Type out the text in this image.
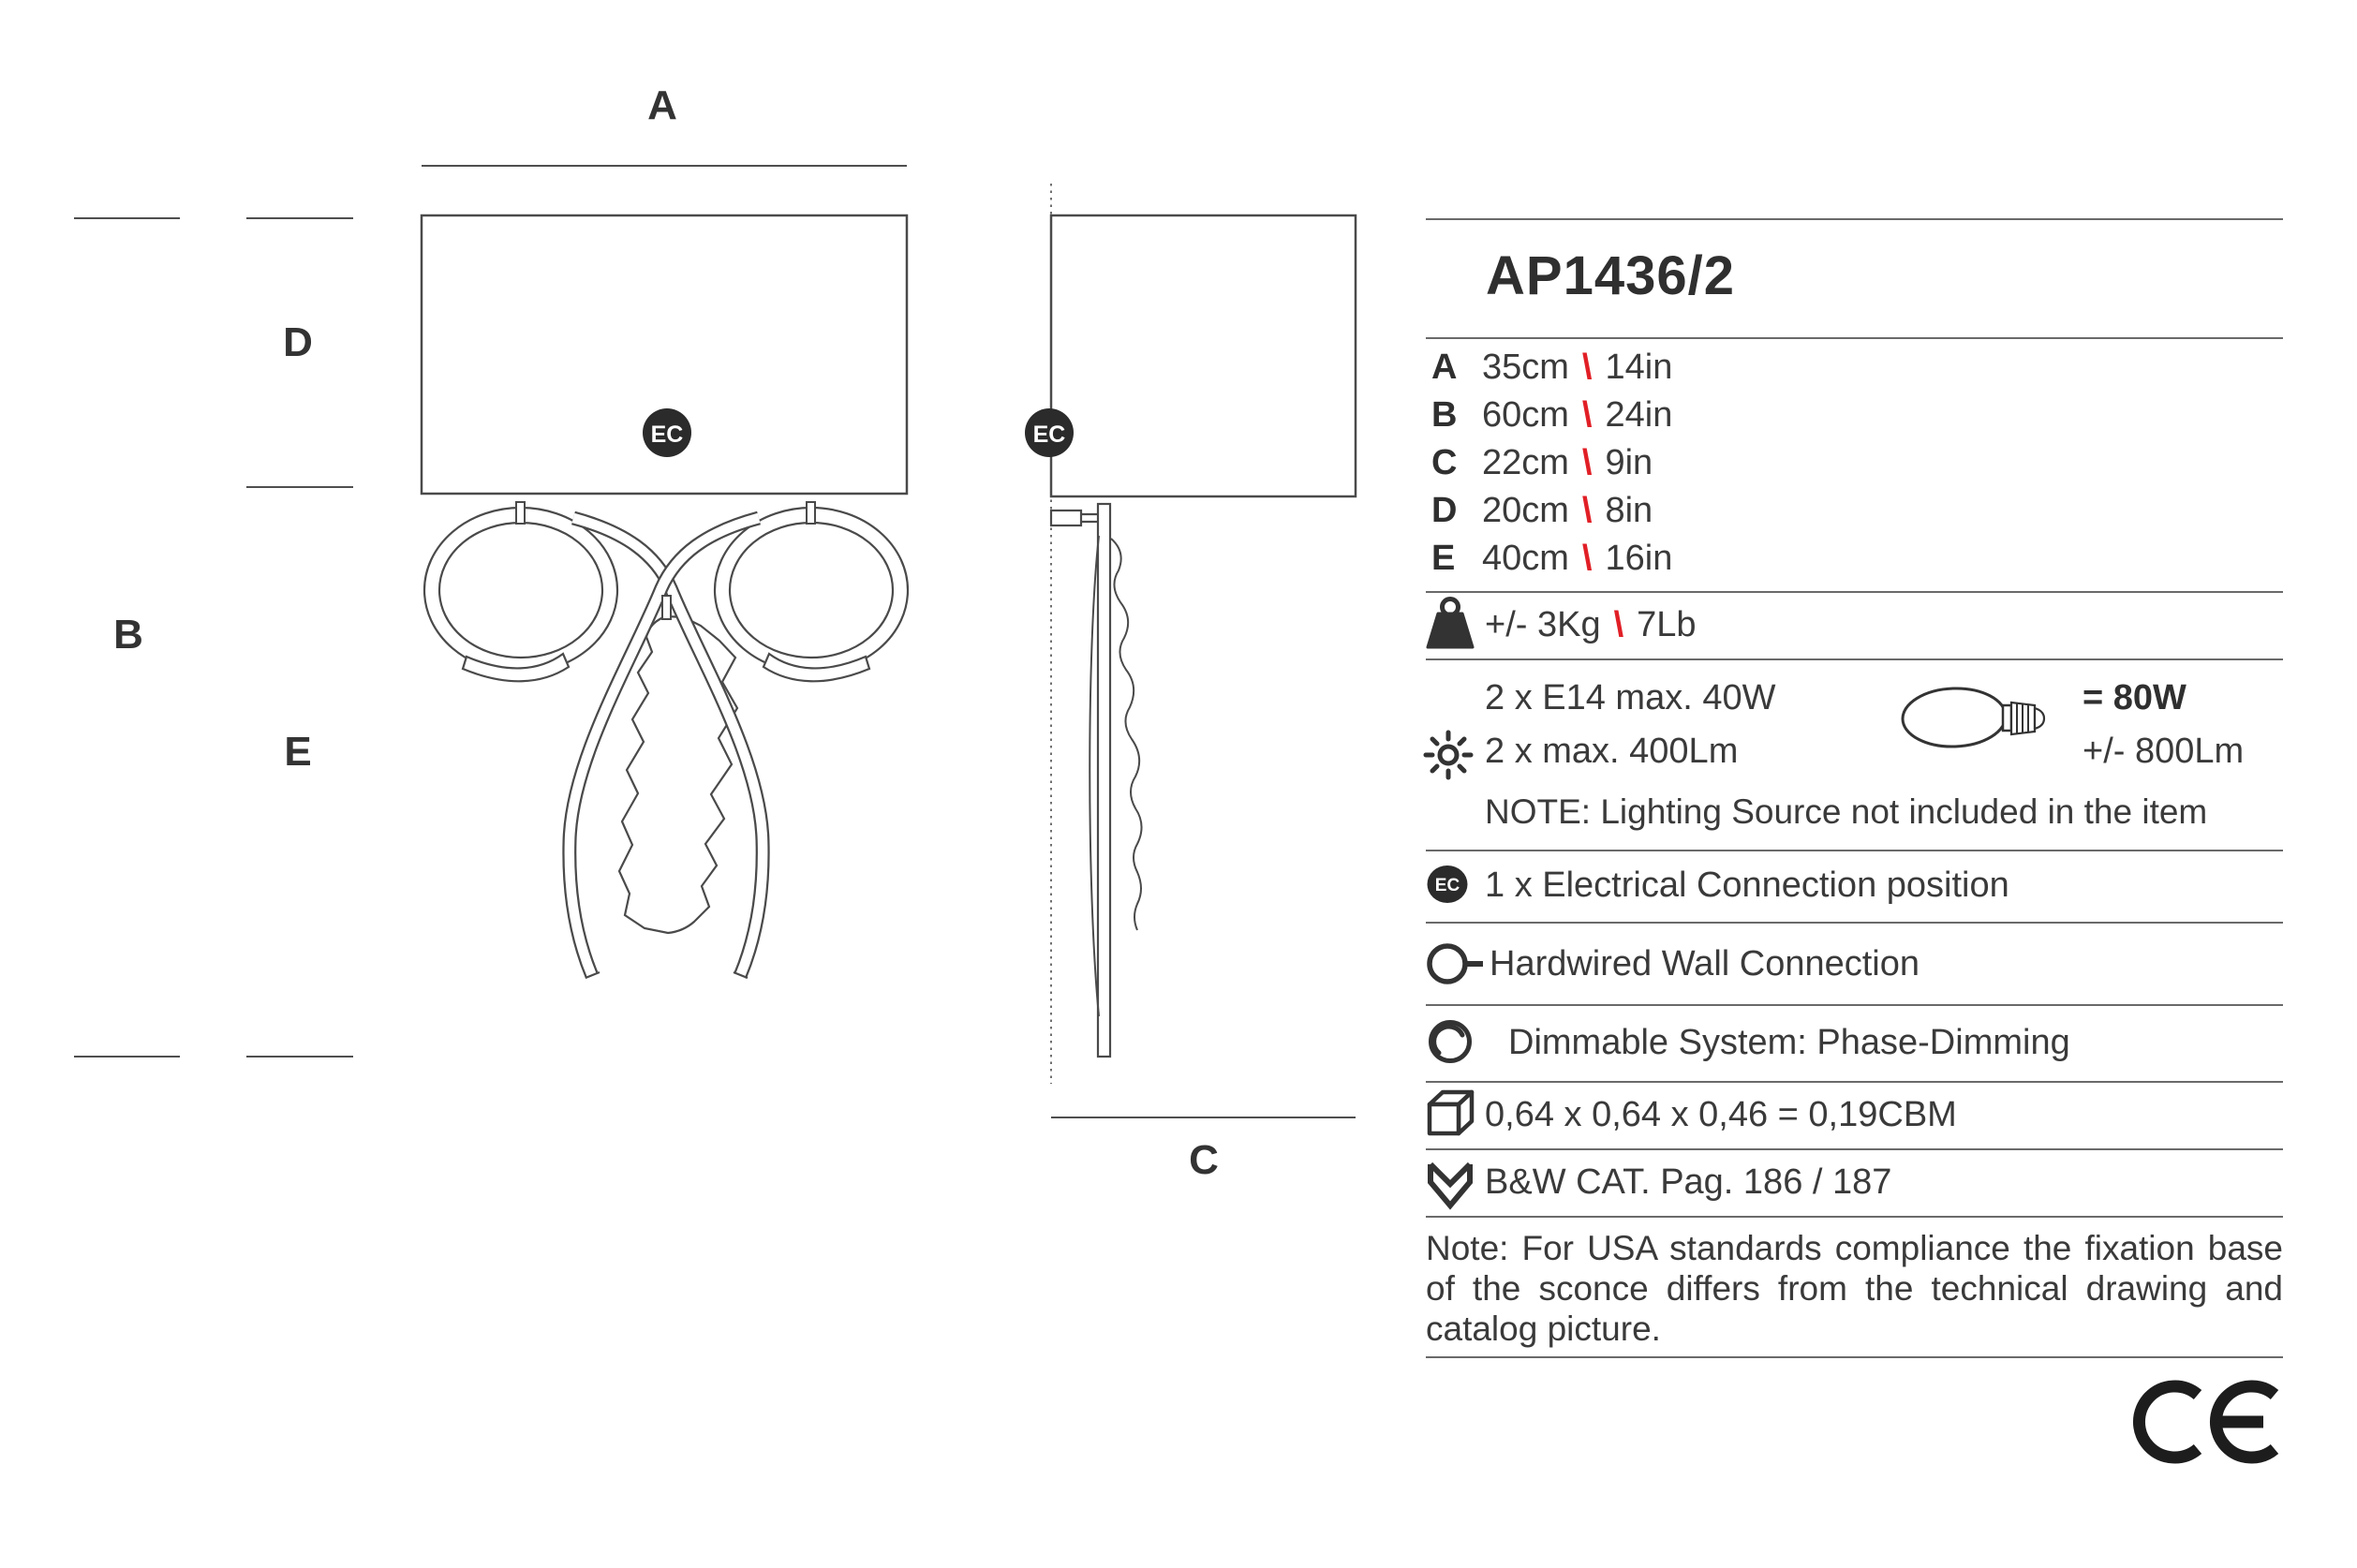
A
B
D
E
EC	EC
C
EC
AP1436/2
A 35cm \ 14in
B 60cm \ 24in
C 22cm \ 9in
D 20cm \ 8in
E 40cm \ 16in
+/- 3Kg \ 7Lb
2 x E14 max. 40W	= 80W
2 x max. 400Lm	+/- 800Lm
NOTE: Lighting Source not included in the item
1 x Electrical Connection position
Hardwired Wall Connection
Dimmable System: Phase-Dimming
0,64 x 0,64 x 0,46 = 0,19CBM
B&W CAT. Pag. 186 / 187
Note: For USA standards compliance the fixation base of the sconce differs from the technical drawing and catalog picture.
